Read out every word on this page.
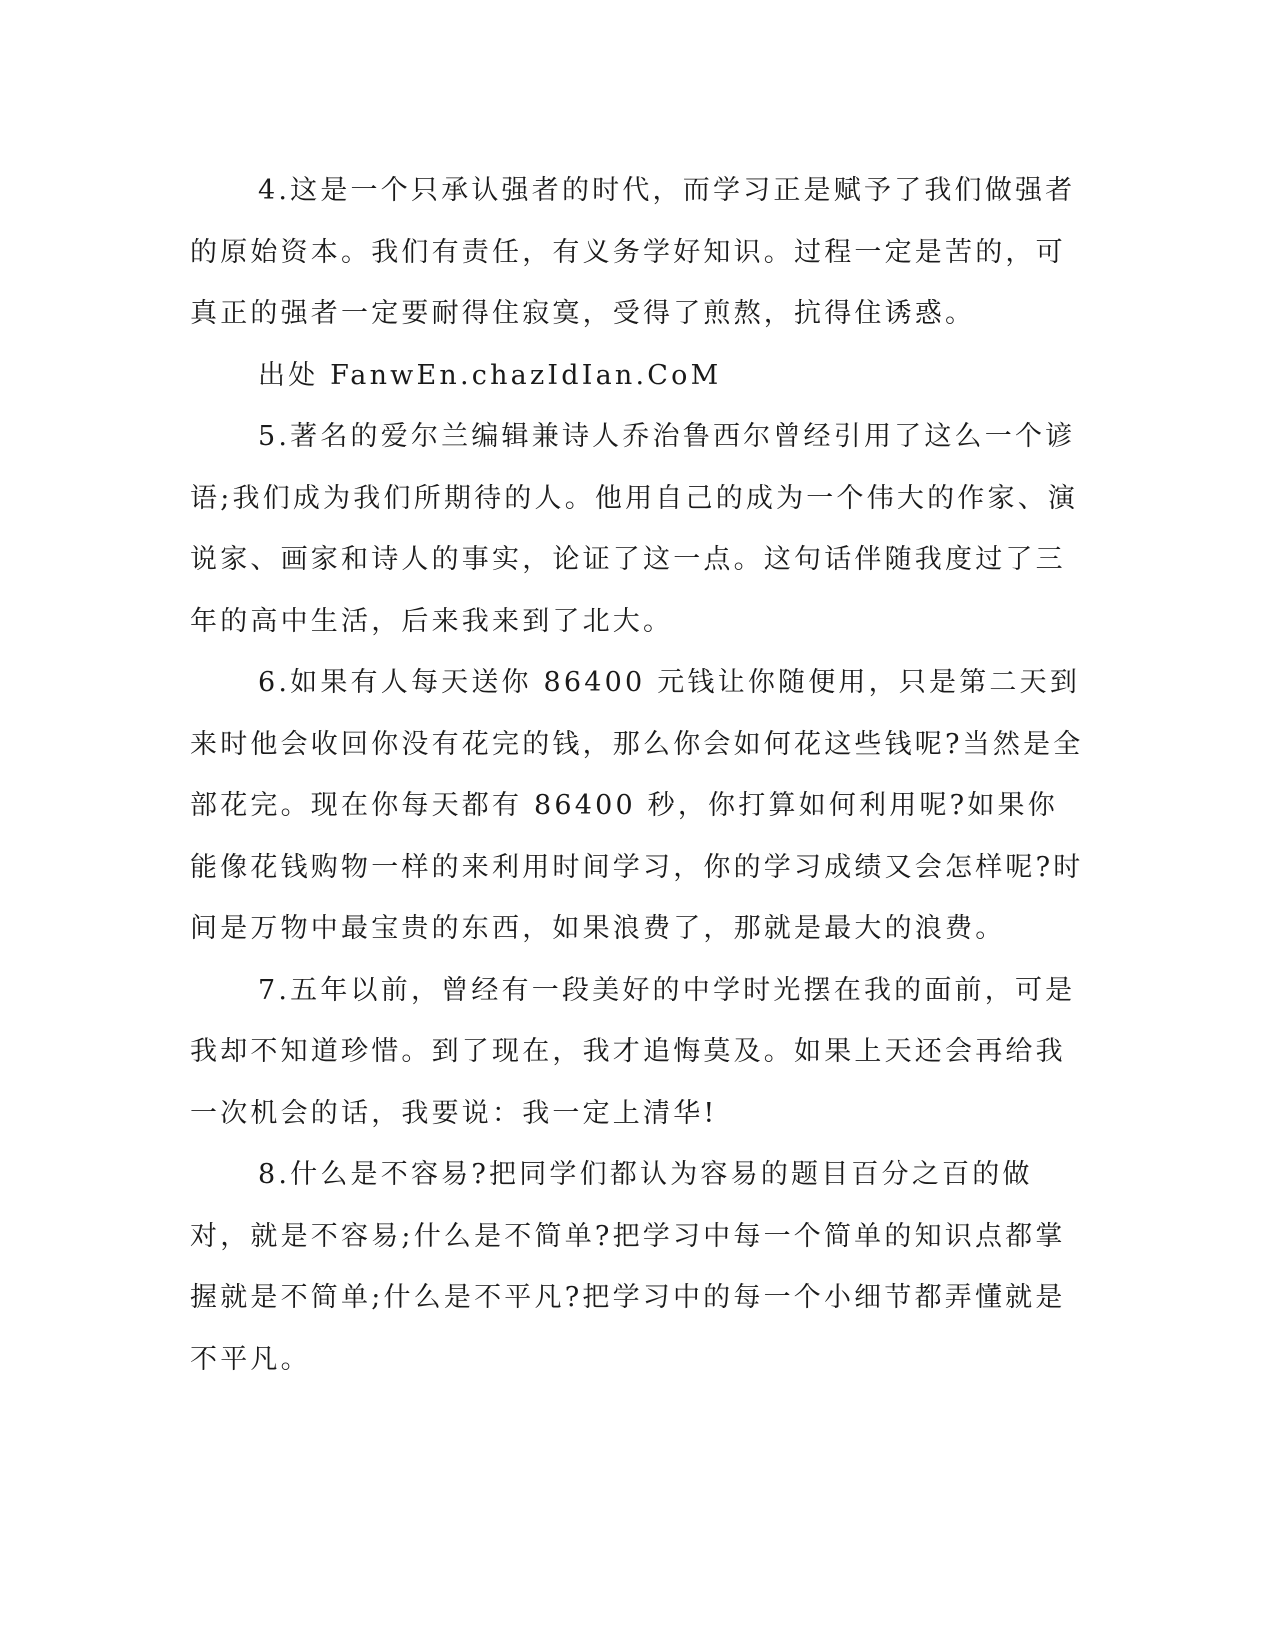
4.这是一个只承认强者的时代，而学习正是赋予了我们做强者的原始资本。我们有责任，有义务学好知识。过程一定是苦的，可真正的强者一定要耐得住寂寞，受得了煎熬，抗得住诱惑。

出处 FanwEn.chazIdIan.CoM

5.著名的爱尔兰编辑兼诗人乔治鲁西尔曾经引用了这么一个谚语;我们成为我们所期待的人。他用自己的成为一个伟大的作家、演说家、画家和诗人的事实，论证了这一点。这句话伴随我度过了三年的高中生活，后来我来到了北大。

6.如果有人每天送你 86400 元钱让你随便用，只是第二天到来时他会收回你没有花完的钱，那么你会如何花这些钱呢?当然是全部花完。现在你每天都有 86400 秒，你打算如何利用呢?如果你能像花钱购物一样的来利用时间学习，你的学习成绩又会怎样呢?时间是万物中最宝贵的东西，如果浪费了，那就是最大的浪费。

7.五年以前，曾经有一段美好的中学时光摆在我的面前，可是我却不知道珍惜。到了现在，我才追悔莫及。如果上天还会再给我一次机会的话，我要说：我一定上清华!

8.什么是不容易?把同学们都认为容易的题目百分之百的做对，就是不容易;什么是不简单?把学习中每一个简单的知识点都掌握就是不简单;什么是不平凡?把学习中的每一个小细节都弄懂就是不平凡。
